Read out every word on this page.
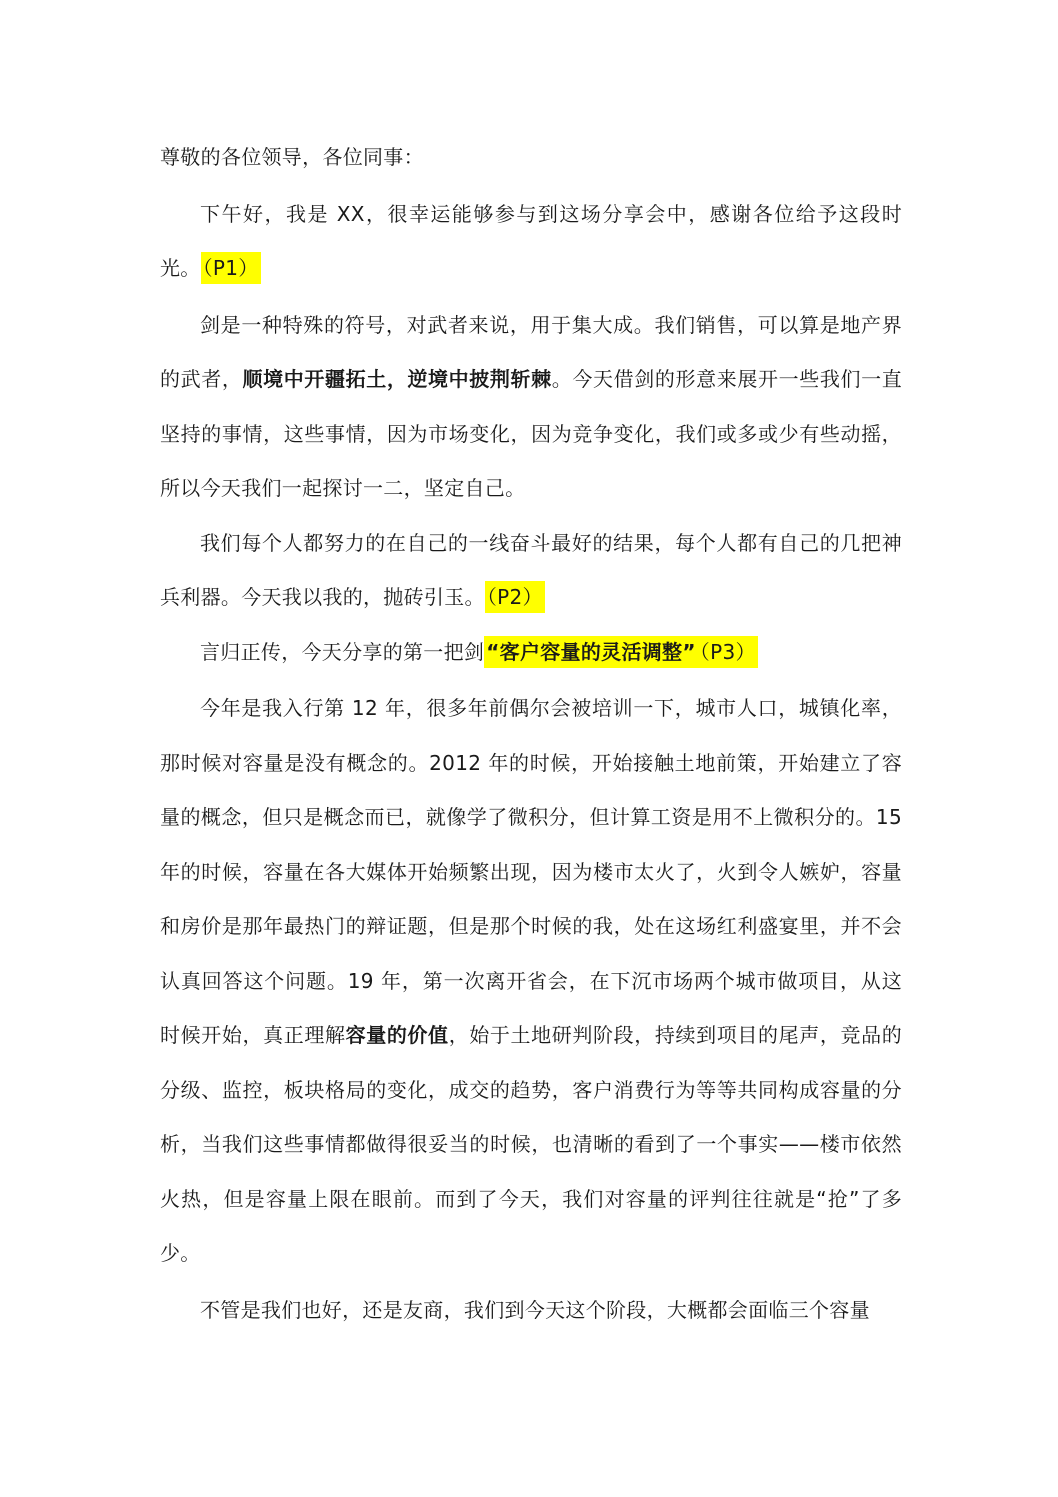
尊敬的各位领导，各位同事：

下午好，我是 XX，很幸运能够参与到这场分享会中，感谢各位给予这段时光。 （P1）

剑是一种特殊的符号，对武者来说，用于集大成。我们销售，可以算是地产界的武者，顺境中开疆拓土，逆境中披荆斩棘。今天借剑的形意来展开一些我们一直坚持的事情，这些事情，因为市场变化，因为竞争变化，我们或多或少有些动摇，所以今天我们一起探讨一二，坚定自己。

我们每个人都努力的在自己的一线奋斗最好的结果，每个人都有自己的几把神兵利器。今天我以我的，抛砖引玉。 （P2）

言归正传，今天分享的第一把剑 “客户容量的灵活调整” （P3）

今年是我入行第 12 年，很多年前偶尔会被培训一下，城市人口，城镇化率，那时候对容量是没有概念的。2012 年的时候，开始接触土地前策，开始建立了容量的概念，但只是概念而已，就像学了微积分，但计算工资是用不上微积分的。15 年的时候，容量在各大媒体开始频繁出现，因为楼市太火了，火到令人嫉妒，容量和房价是那年最热门的辩证题，但是那个时候的我，处在这场红利盛宴里，并不会认真回答这个问题。19 年，第一次离开省会，在下沉市场两个城市做项目，从这时候开始，真正理解容量的价值，始于土地研判阶段，持续到项目的尾声，竞品的分级、监控，板块格局的变化，成交的趋势，客户消费行为等等共同构成容量的分析，当我们这些事情都做得很妥当的时候，也清晰的看到了一个事实——楼市依然火热，但是容量上限在眼前。而到了今天，我们对容量的评判往往就是“抢”了多少。

不管是我们也好，还是友商，我们到今天这个阶段，大概都会面临三个容量
